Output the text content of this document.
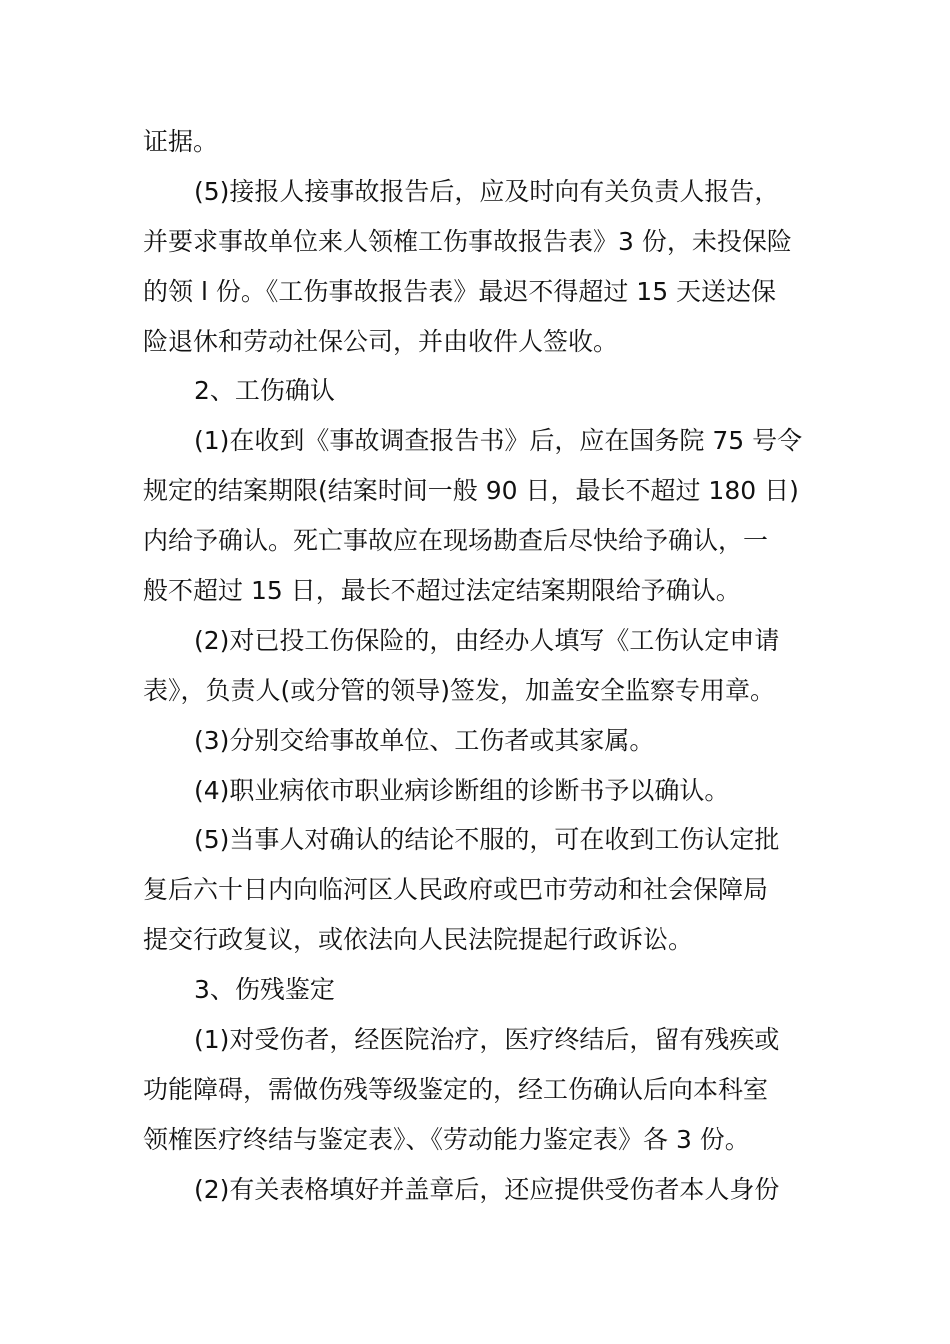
证据。
(5)接报人接事故报告后，应及时向有关负责人报告，
并要求事故单位来人领榷工伤事故报告表》3 份，未投保险
的领 l 份。《工伤事故报告表》最迟不得超过 15 天送达保
险退休和劳动社保公司，并由收件人签收。
2、工伤确认
(1)在收到《事故调查报告书》后，应在国务院 75 号令
规定的结案期限(结案时间一般 90 日，最长不超过 180 日)
内给予确认。死亡事故应在现场勘查后尽快给予确认，一
般不超过 15 日，最长不超过法定结案期限给予确认。
(2)对已投工伤保险的，由经办人填写《工伤认定申请
表》，负责人(或分管的领导)签发，加盖安全监察专用章。
(3)分别交给事故单位、工伤者或其家属。
(4)职业病依市职业病诊断组的诊断书予以确认。
(5)当事人对确认的结论不服的，可在收到工伤认定批
复后六十日内向临河区人民政府或巴市劳动和社会保障局
提交行政复议，或依法向人民法院提起行政诉讼。
3、伤残鉴定
(1)对受伤者，经医院治疗，医疗终结后，留有残疾或
功能障碍，需做伤残等级鉴定的，经工伤确认后向本科室
领榷医疗终结与鉴定表》、《劳动能力鉴定表》各 3 份。
(2)有关表格填好并盖章后，还应提供受伤者本人身份
